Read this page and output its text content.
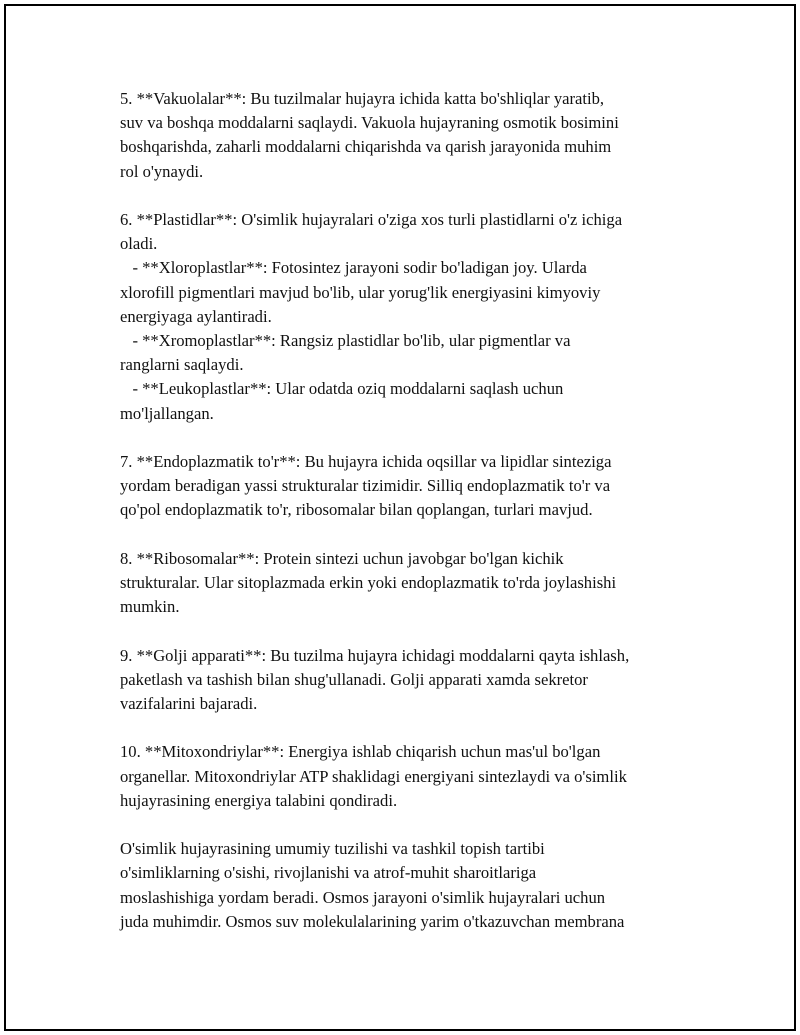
5. **Vakuolalar**: Bu tuzilmalar hujayra ichida katta bo'shliqlar yaratib,
suv va boshqa moddalarni saqlaydi. Vakuola hujayraning osmotik bosimini
boshqarishda, zaharli moddalarni chiqarishda va qarish jarayonida muhim
rol o'ynaydi.
6. **Plastidlar**: O'simlik hujayralari o'ziga xos turli plastidlarni o'z ichiga
oladi.
- **Xloroplastlar**: Fotosintez jarayoni sodir bo'ladigan joy. Ularda
xlorofill pigmentlari mavjud bo'lib, ular yorug'lik energiyasini kimyoviy
energiyaga aylantiradi.
- **Xromoplastlar**: Rangsiz plastidlar bo'lib, ular pigmentlar va
ranglarni saqlaydi.
- **Leukoplastlar**: Ular odatda oziq moddalarni saqlash uchun
mo'ljallangan.
7. **Endoplazmatik to'r**: Bu hujayra ichida oqsillar va lipidlar sinteziga
yordam beradigan yassi strukturalar tizimidir. Silliq endoplazmatik to'r va
qo'pol endoplazmatik to'r, ribosomalar bilan qoplangan, turlari mavjud.
8. **Ribosomalar**: Protein sintezi uchun javobgar bo'lgan kichik
strukturalar. Ular sitoplazmada erkin yoki endoplazmatik to'rda joylashishi
mumkin.
9. **Golji apparati**: Bu tuzilma hujayra ichidagi moddalarni qayta ishlash,
paketlash va tashish bilan shug'ullanadi. Golji apparati xamda sekretor
vazifalarini bajaradi.
10. **Mitoxondriylar**: Energiya ishlab chiqarish uchun mas'ul bo'lgan
organellar. Mitoxondriylar ATP shaklidagi energiyani sintezlaydi va o'simlik
hujayrasining energiya talabini qondiradi.
O'simlik hujayrasining umumiy tuzilishi va tashkil topish tartibi
o'simliklarning o'sishi, rivojlanishi va atrof-muhit sharoitlariga
moslashishiga yordam beradi. Osmos jarayoni o'simlik hujayralari uchun
juda muhimdir. Osmos suv molekulalarining yarim o'tkazuvchan membrana
